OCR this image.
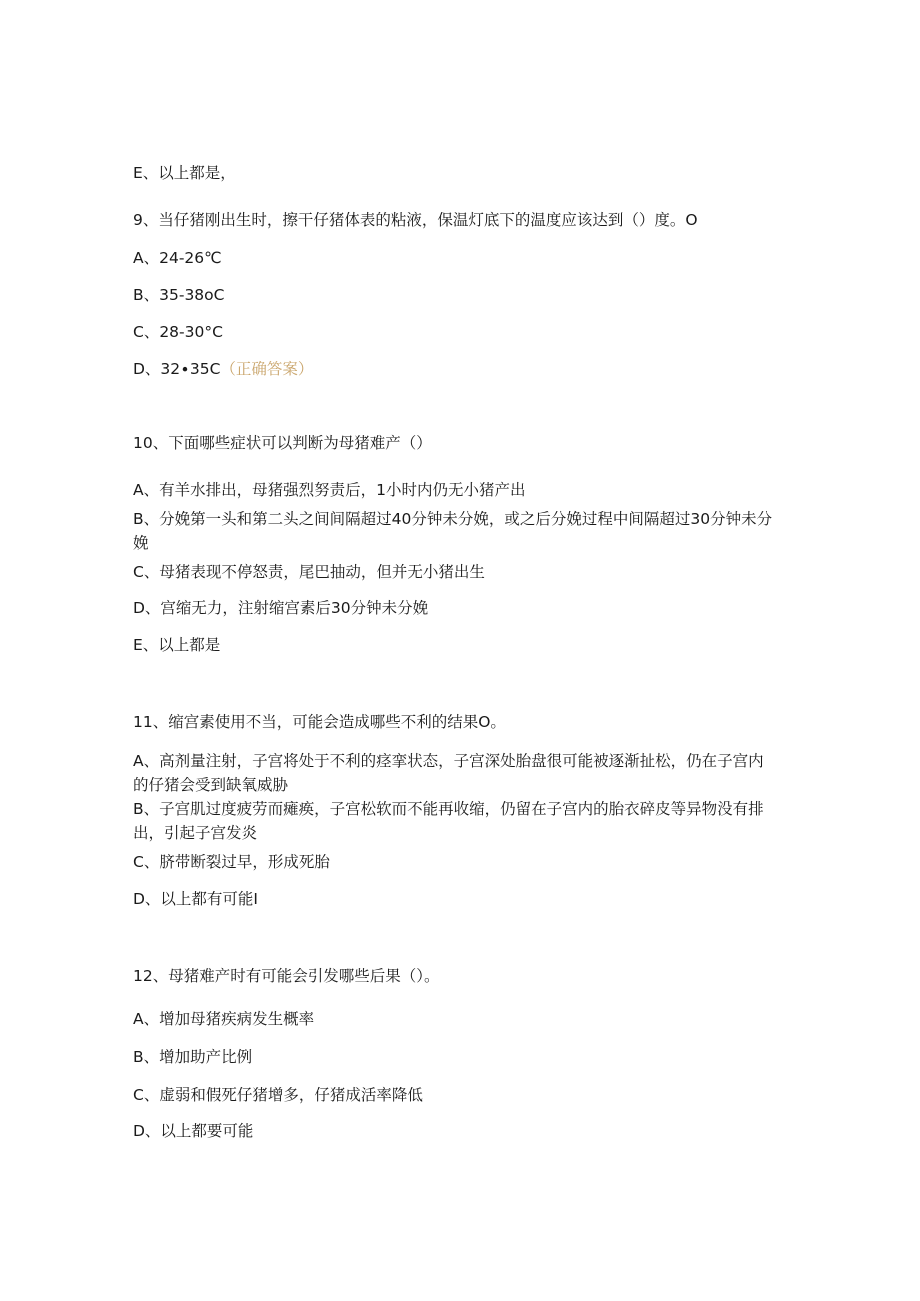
E、以上都是，
9、当仔猪刚出生时，擦干仔猪体表的粘液，保温灯底下的温度应该达到（）度。O
A、24-26℃
B、35-38oC
C、28-30°C
D、32∙35C（正确答案）
10、下面哪些症状可以判断为母猪难产（）
A、有羊水排出，母猪强烈努责后，1小时内仍无小猪产出
B、分娩第一头和第二头之间间隔超过40分钟未分娩，或之后分娩过程中间隔超过30分钟未分娩
C、母猪表现不停怒责，尾巴抽动，但并无小猪出生
D、宫缩无力，注射缩宫素后30分钟未分娩
E、以上都是
11、缩宫素使用不当，可能会造成哪些不利的结果O。
A、高剂量注射，子宫将处于不利的痉挛状态，子宫深处胎盘很可能被逐渐扯松，仍在子宫内的仔猪会受到缺氧威胁
B、子宫肌过度疲劳而瘫痪，子宫松软而不能再收缩，仍留在子宫内的胎衣碎皮等异物没有排出，引起子宫发炎
C、脐带断裂过早，形成死胎
D、以上都有可能I
12、母猪难产时有可能会引发哪些后果（）。
A、增加母猪疾病发生概率
B、增加助产比例
C、虚弱和假死仔猪增多，仔猪成活率降低
D、以上都要可能
